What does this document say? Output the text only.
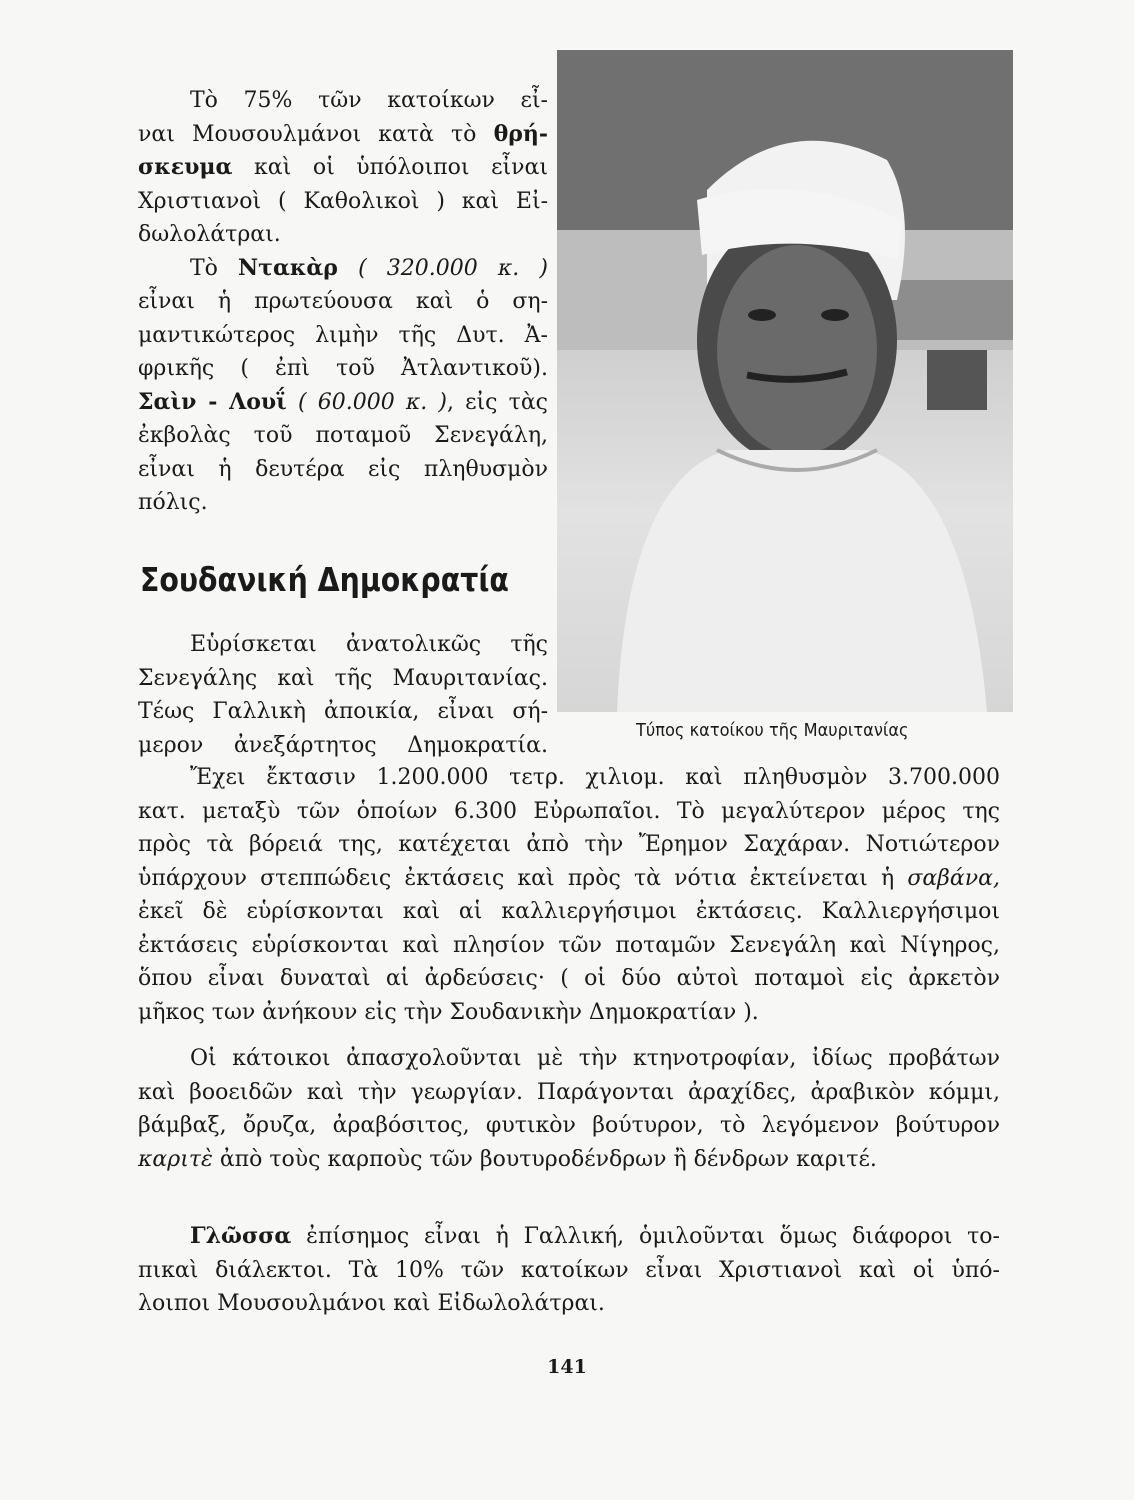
Τὸ 75% τῶν κατοίκων εἶ-
ναι Μουσουλμάνοι κατὰ τὸ θρή-
σκευμα καὶ οἱ ὑπόλοιποι εἶναι
Χριστιανοὶ ( Καθολικοὶ ) καὶ Εἰ-
δωλολάτραι.
Τὸ Ντακὰρ ( 320.000 κ. )
εἶναι ἡ πρωτεύουσα καὶ ὁ ση-
μαντικώτερος λιμὴν τῆς Δυτ. Ἀ-
φρικῆς ( ἐπὶ τοῦ Ἀτλαντικοῦ).
Σαὶν - Λουΐ ( 60.000 κ. ), εἰς τὰς
ἐκβολὰς τοῦ ποταμοῦ Σενεγάλη,
εἶναι ἡ δευτέρα εἰς πληθυσμὸν
πόλις.
Σουδανική Δημοκρατία
Εὑρίσκεται ἀνατολικῶς τῆς
Σενεγάλης καὶ τῆς Μαυριτανίας.
Τέως Γαλλικὴ ἀποικία, εἶναι σή-
μερον ἀνεξάρτητος Δημοκρατία.
Τύπος κατοίκου τῆς Μαυριτανίας
Ἔχει ἔκτασιν 1.200.000 τετρ. χιλιομ. καὶ πληθυσμὸν 3.700.000
κατ. μεταξὺ τῶν ὁποίων 6.300 Εὐρωπαῖοι. Τὸ μεγαλύτερον μέρος της
πρὸς τὰ βόρειά της, κατέχεται ἀπὸ τὴν Ἔρημον Σαχάραν. Νοτιώτερον
ὑπάρχουν στεππώδεις ἐκτάσεις καὶ πρὸς τὰ νότια ἐκτείνεται ἡ σαβάνα,
ἐκεῖ δὲ εὑρίσκονται καὶ αἱ καλλιεργήσιμοι ἐκτάσεις. Καλλιεργήσιμοι
ἐκτάσεις εὑρίσκονται καὶ πλησίον τῶν ποταμῶν Σενεγάλη καὶ Νίγηρος,
ὅπου εἶναι δυναταὶ αἱ ἀρδεύσεις· ( οἱ δύο αὐτοὶ ποταμοὶ εἰς ἀρκετὸν
μῆκος των ἀνήκουν εἰς τὴν Σουδανικὴν Δημοκρατίαν ).
Οἱ κάτοικοι ἀπασχολοῦνται μὲ τὴν κτηνοτροφίαν, ἰδίως προβάτων
καὶ βοοειδῶν καὶ τὴν γεωργίαν. Παράγονται ἀραχίδες, ἀραβικὸν κόμμι,
βάμβαξ, ὄρυζα, ἀραβόσιτος, φυτικὸν βούτυρον, τὸ λεγόμενον βούτυρον
καριτὲ ἀπὸ τοὺς καρποὺς τῶν βουτυροδένδρων ἢ δένδρων καριτέ.
Γλῶσσα ἐπίσημος εἶναι ἡ Γαλλική, ὁμιλοῦνται ὅμως διάφοροι το-
πικαὶ διάλεκτοι. Τὰ 10% τῶν κατοίκων εἶναι Χριστιανοὶ καὶ οἱ ὑπό-
λοιποι Μουσουλμάνοι καὶ Εἰδωλολάτραι.
141
